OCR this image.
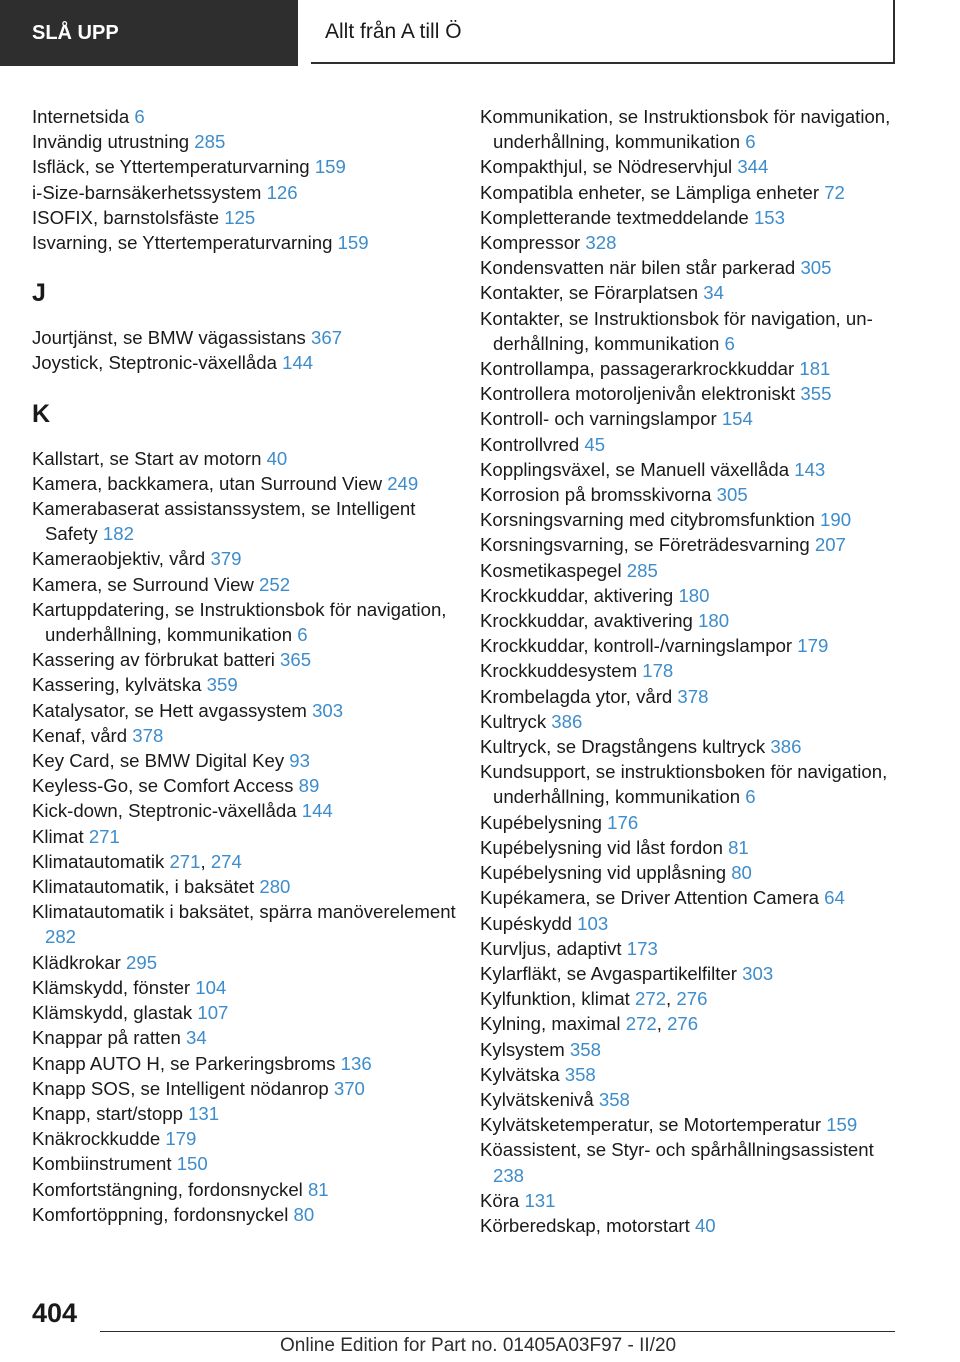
SLÅ UPP	Allt från A till Ö
Internetsida 6
Invändig utrustning 285
Isfläck, se Yttertemperaturvarning 159
i-Size-barnsäkerhetssystem 126
ISOFIX, barnstolsfäste 125
Isvarning, se Yttertemperaturvarning 159
J
Jourtjänst, se BMW vägassistans 367
Joystick, Steptronic-växellåda 144
K
Kallstart, se Start av motorn 40
Kamera, backkamera, utan Surround View 249
Kamerabaserat assistanssystem, se Intelligent Safety 182
Kameraobjektiv, vård 379
Kamera, se Surround View 252
Kartuppdatering, se Instruktionsbok för navigation, underhållning, kommunikation 6
Kassering av förbrukat batteri 365
Kassering, kylvätska 359
Katalysator, se Hett avgassystem 303
Kenaf, vård 378
Key Card, se BMW Digital Key 93
Keyless-Go, se Comfort Access 89
Kick-down, Steptronic-växellåda 144
Klimat 271
Klimatautomatik 271, 274
Klimatautomatik, i baksätet 280
Klimatautomatik i baksätet, spärra manöverelement 282
Klädkrokar 295
Klämskydd, fönster 104
Klämskydd, glastak 107
Knappar på ratten 34
Knapp AUTO H, se Parkeringsbroms 136
Knapp SOS, se Intelligent nödanrop 370
Knapp, start/stopp 131
Knäkrockkudde 179
Kombiinstrument 150
Komfortstängning, fordonsnyckel 81
Komfortöppning, fordonsnyckel 80
Kommunikation, se Instruktionsbok för navigation, underhållning, kommunikation 6
Kompakthjul, se Nödreservhjul 344
Kompatibla enheter, se Lämpliga enheter 72
Kompletterande textmeddelande 153
Kompressor 328
Kondensvatten när bilen står parkerad 305
Kontakter, se Förarplatsen 34
Kontakter, se Instruktionsbok för navigation, underhållning, kommunikation 6
Kontrollampa, passagerarkrockkuddar 181
Kontrollera motoroljenivån elektroniskt 355
Kontroll- och varningslampor 154
Kontrollvred 45
Kopplingsväxel, se Manuell växellåda 143
Korrosion på bromsskivorna 305
Korsningsvarning med citybromsfunktion 190
Korsningsvarning, se Företrädesvarning 207
Kosmetikaspegel 285
Krockkuddar, aktivering 180
Krockkuddar, avaktivering 180
Krockkuddar, kontroll-/varningslampor 179
Krockkuddesystem 178
Krombelagda ytor, vård 378
Kultryck 386
Kultryck, se Dragstångens kultryck 386
Kundsupport, se instruktionsboken för navigation, underhållning, kommunikation 6
Kupébelysning 176
Kupébelysning vid låst fordon 81
Kupébelysning vid upplåsning 80
Kupékamera, se Driver Attention Camera 64
Kupéskydd 103
Kurvljus, adaptivt 173
Kylarfläkt, se Avgaspartikelfilter 303
Kylfunktion, klimat 272, 276
Kylning, maximal 272, 276
Kylsystem 358
Kylvätska 358
Kylvätskenivå 358
Kylvätsketemperatur, se Motortemperatur 159
Köassistent, se Styr- och spårhållningsassistent 238
Köra 131
Körberedskap, motorstart 40
404
Online Edition for Part no. 01405A03F97 - II/20
